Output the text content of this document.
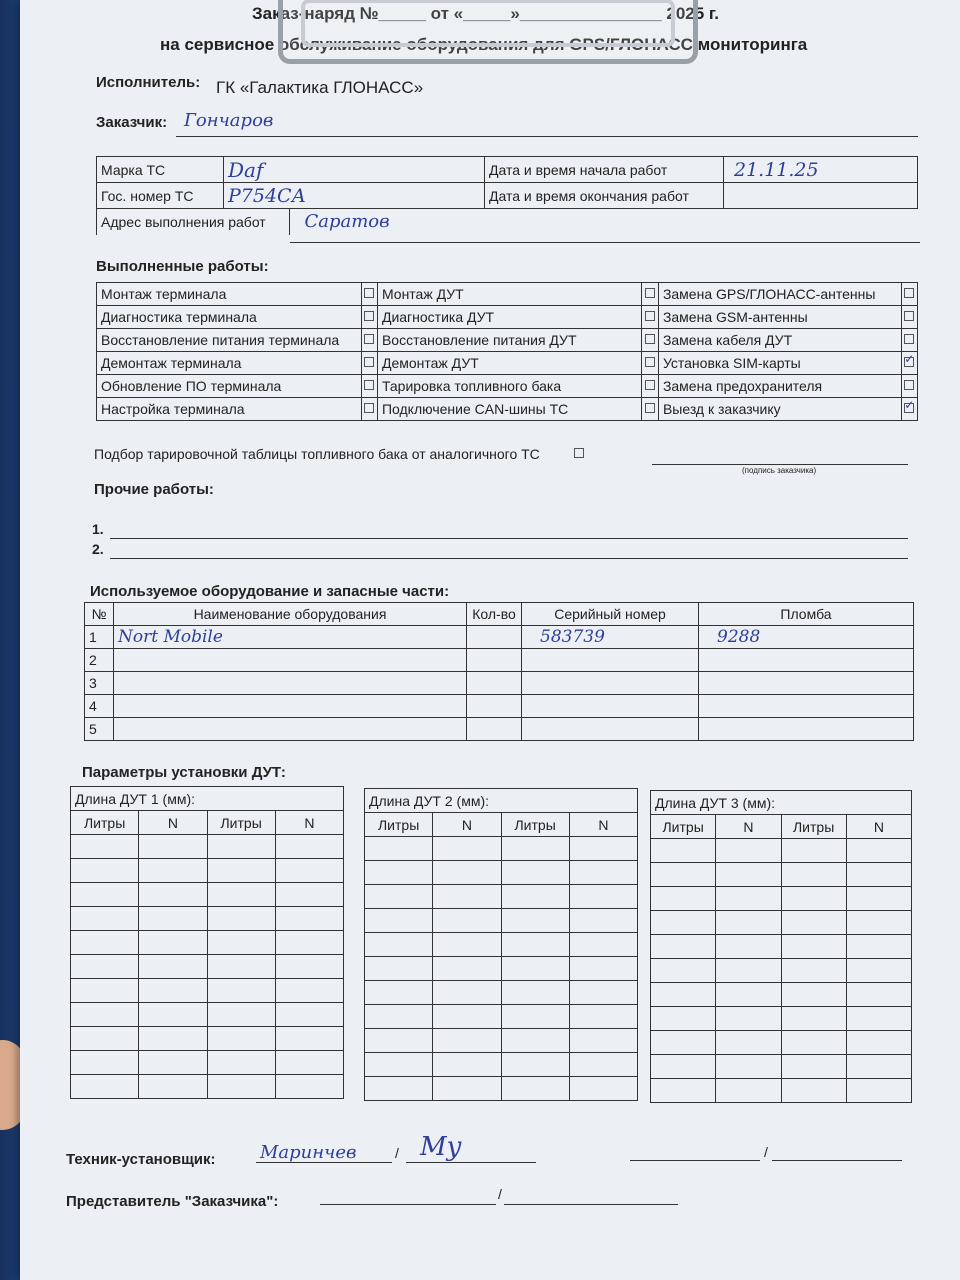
Заказ-наряд №_____ от «_____»_______________ 2025 г.
на сервисное обслуживание оборудования для GPS/ГЛОНАСС мониторинга
Исполнитель: ГК «Галактика ГЛОНАСС»
Заказчик: Гончаров
Марка ТС	Daf	Дата и время начала работ	21.11.25
Гос. номер ТС	Р754СА	Дата и время окончания работ	
Адрес выполнения работ Саратов			
Выполненные работы:
Монтаж терминала		Монтаж ДУТ		Замена GPS/ГЛОНАСС-антенны	
Диагностика терминала		Диагностика ДУТ		Замена GSM-антенны	
Восстановление питания терминала		Восстановление питания ДУТ		Замена кабеля ДУТ	
Демонтаж терминала		Демонтаж ДУТ		Установка SIM-карты	✓
Обновление ПО терминала		Тарировка топливного бака		Замена предохранителя	
Настройка терминала		Подключение CAN-шины ТС		Выезд к заказчику	✓
Подбор тарировочной таблицы топливного бака от аналогичного ТС
(подпись заказчика)
Прочие работы:
1.
2.
Используемое оборудование и запасные части:
№	Наименование оборудования	Кол-во	Серийный номер	Пломба
1	Nort Mobile		583739	9288
2				
3				
4				
5				
Параметры установки ДУТ:
Длина ДУТ 1 (мм):			
Литры	N	Литры	N

Длина ДУТ 2 (мм):			
Литры	N	Литры	N

Длина ДУТ 3 (мм):			
Литры	N	Литры	N

Техник-установщик: Маринчев	/ Му	/
Представитель "Заказчика":	/
